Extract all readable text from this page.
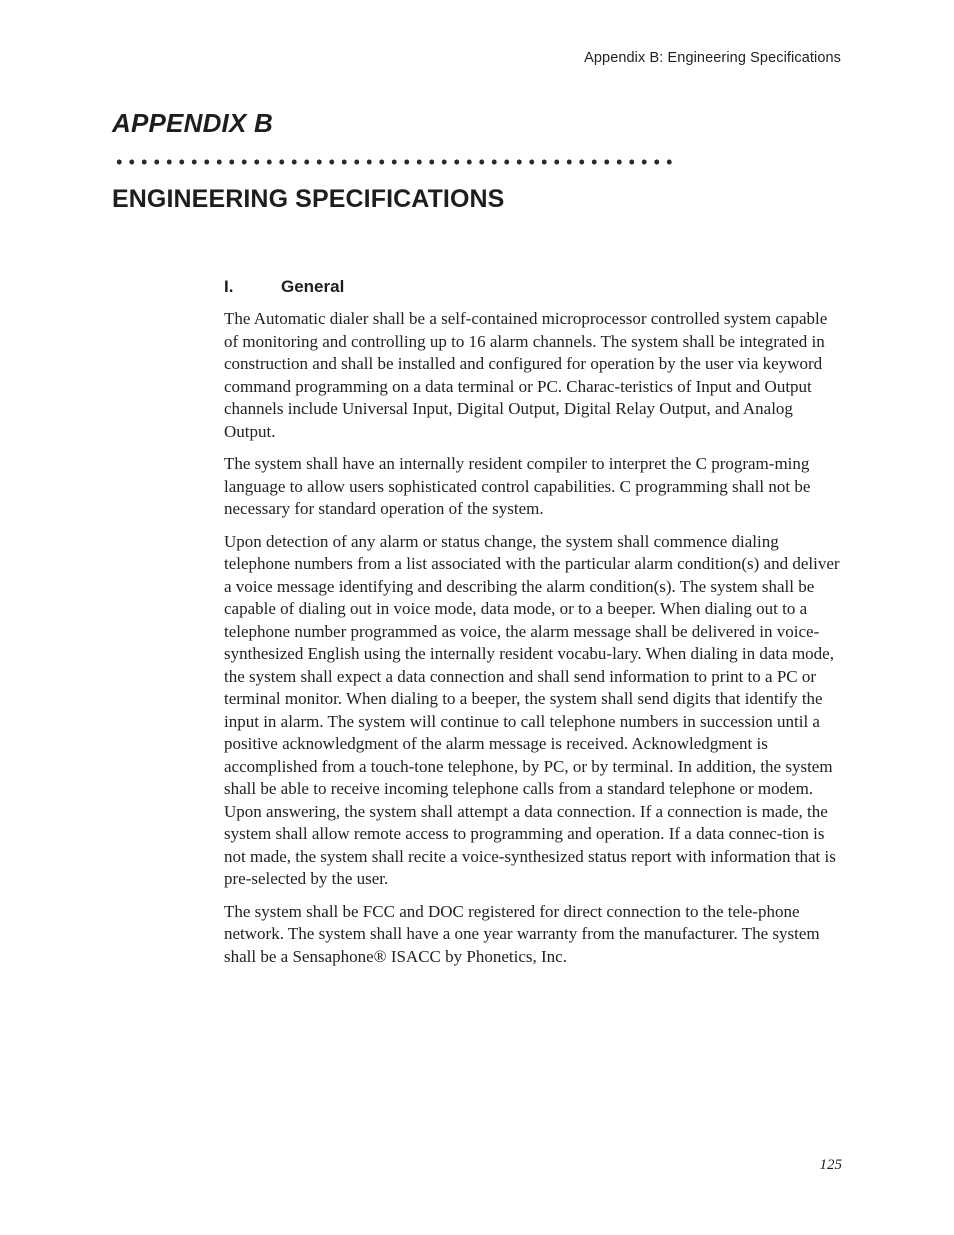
Appendix B: Engineering Specifications
APPENDIX B
ENGINEERING SPECIFICATIONS
I.	General

The Automatic dialer shall be a self-contained microprocessor controlled system capable of monitoring and controlling up to 16 alarm channels. The system shall be integrated in construction and shall be installed and configured for operation by the user via keyword command programming on a data terminal or PC. Charac-teristics of Input and Output channels include Universal Input, Digital Output, Digital Relay Output, and Analog Output.

The system shall have an internally resident compiler to interpret the C program-ming language to allow users sophisticated control capabilities. C programming shall not be necessary for standard operation of the system.

Upon detection of any alarm or status change, the system shall commence dialing telephone numbers from a list associated with the particular alarm condition(s) and deliver a voice message identifying and describing the alarm condition(s). The system shall be capable of dialing out in voice mode, data mode, or to a beeper. When dialing out to a telephone number programmed as voice, the alarm message shall be delivered in voice-synthesized English using the internally resident vocabu-lary. When dialing in data mode, the system shall expect a data connection and shall send information to print to a PC or terminal monitor. When dialing to a beeper, the system shall send digits that identify the input in alarm. The system will continue to call telephone numbers in succession until a positive acknowledgment of the alarm message is received. Acknowledgment is accomplished from a touch-tone telephone, by PC, or by terminal. In addition, the system shall be able to receive incoming telephone calls from a standard telephone or modem. Upon answering, the system shall attempt a data connection. If a connection is made, the system shall allow remote access to programming and operation. If a data connec-tion is not made, the system shall recite a voice-synthesized status report with information that is pre-selected by the user.

The system shall be FCC and DOC registered for direct connection to the tele-phone network. The system shall have a one year warranty from the manufacturer. The system shall be a Sensaphone® ISACC by Phonetics, Inc.

125
